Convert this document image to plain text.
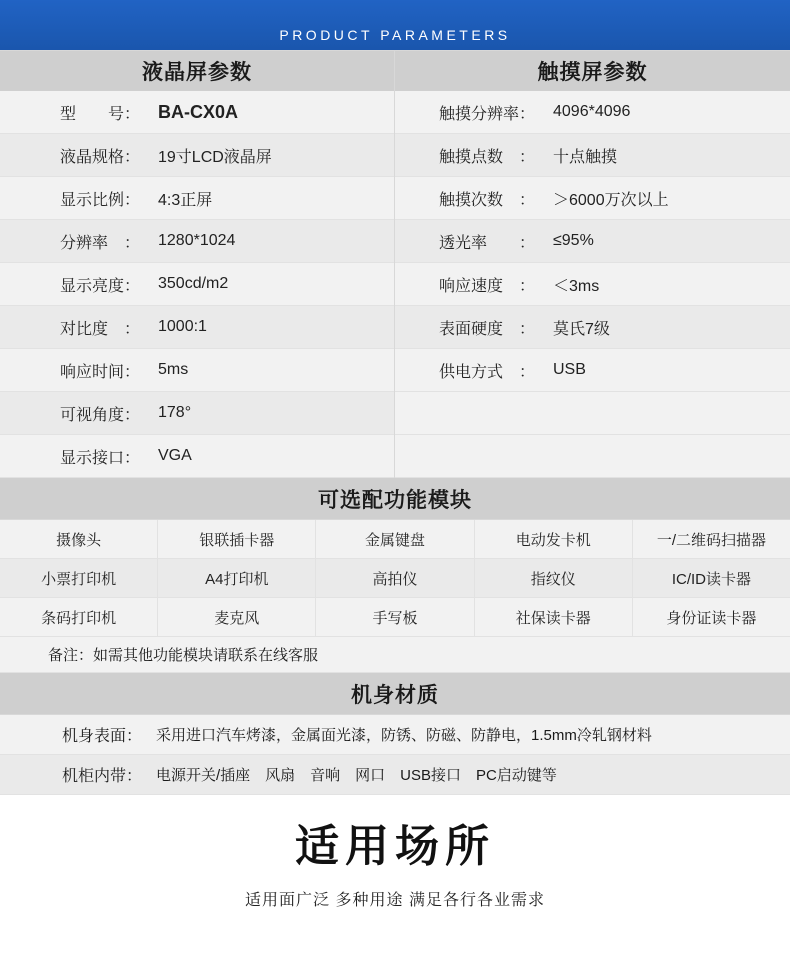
PRODUCT PARAMETERS
液晶屏参数
型　　号：	BA-CX0A
液晶规格：	19寸LCD液晶屏
显示比例：	4:3正屏
分辨率　：	1280*1024
显示亮度：	350cd/m2
对比度　：	1000:1
响应时间：	5ms
可视角度：	178°
显示接口：	VGA
触摸屏参数
触摸分辨率：	4096*4096
触摸点数　：	十点触摸
触摸次数　：	＞6000万次以上
透光率　　：	≤95%
响应速度　：	＜3ms
表面硬度　：	莫氏7级
供电方式　：	USB
可选配功能模块
摄像头	银联插卡器	金属键盘	电动发卡机	一/二维码扫描器
小票打印机	A4打印机	高拍仪	指纹仪	IC/ID读卡器
条码打印机	麦克风	手写板	社保读卡器	身份证读卡器
备注：如需其他功能模块请联系在线客服
机身材质
机身表面： 采用进口汽车烤漆，金属面光漆，防锈、防磁、防静电，1.5mm冷轧钢材料
机柜内带： 电源开关/插座　风扇　音响　网口　USB接口　PC启动键等
适用场所
适用面广泛 多种用途 满足各行各业需求
